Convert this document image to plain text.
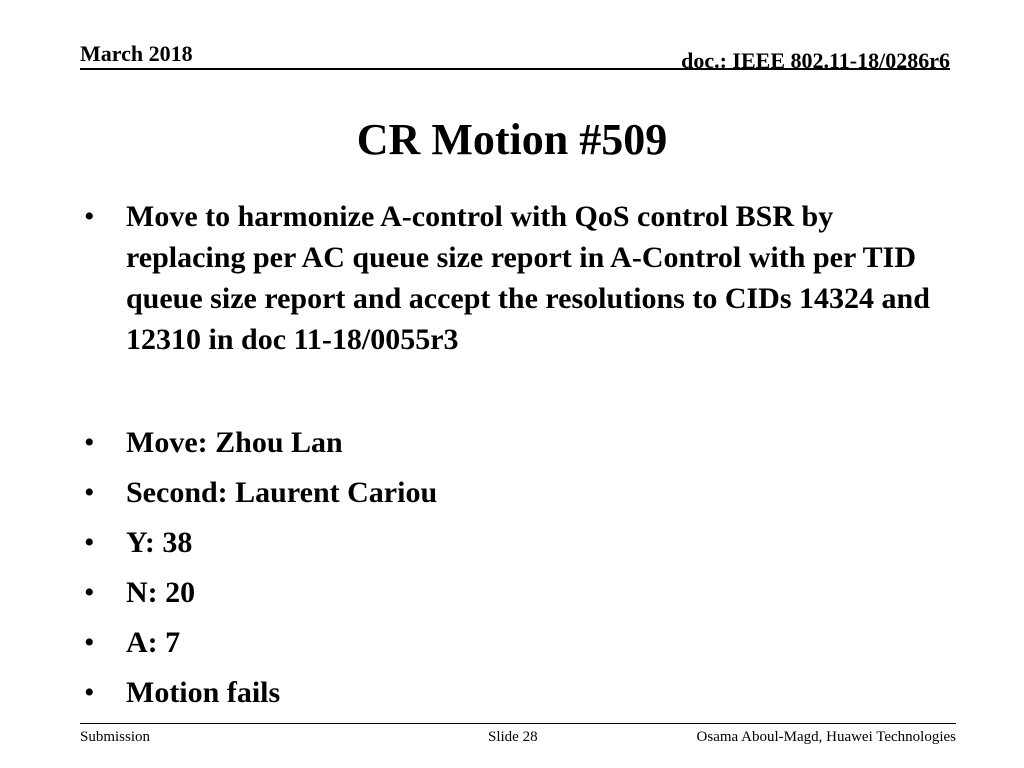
March 2018	doc.: IEEE 802.11-18/0286r6
CR Motion #509
• Move to harmonize A-control with QoS control BSR by replacing per AC queue size report in A-Control with per TID queue size report and accept the resolutions to CIDs 14324 and 12310 in doc 11-18/0055r3
• Move: Zhou Lan
• Second: Laurent Cariou
• Y: 38
• N: 20
• A: 7
• Motion fails
Submission	Slide 28	Osama Aboul-Magd, Huawei Technologies
